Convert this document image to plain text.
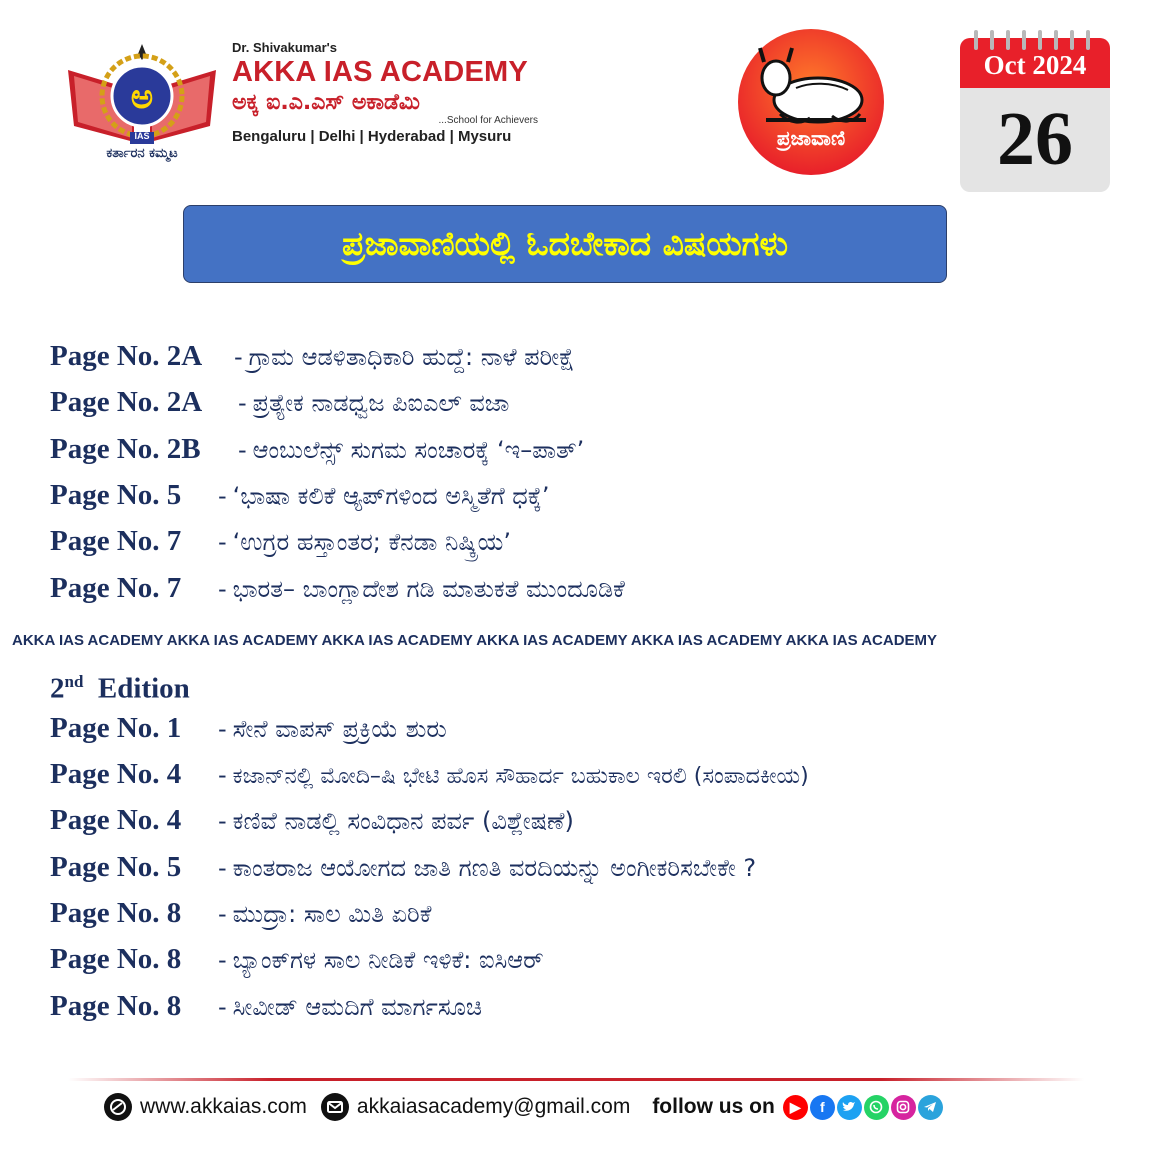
ಅ
IAS
ಕರ್ತಾರನ ಕಮ್ಮಟ
Dr. Shivakumar's
AKKA IAS ACADEMY
ಅಕ್ಕ ಐ.ಎ.ಎಸ್ ಅಕಾಡೆಮಿ
...School for Achievers
Bengaluru | Delhi | Hyderabad | Mysuru	ಪ್ರಜಾವಾಣಿ
Oct 2024
26
ಪ್ರಜಾವಾಣಿಯಲ್ಲಿ ಓದಬೇಕಾದ ವಿಷಯಗಳು
Page No. 2A	- ಗ್ರಾಮ ಆಡಳಿತಾಧಿಕಾರಿ ಹುದ್ದೆ: ನಾಳೆ ಪರೀಕ್ಷೆ
Page No. 2A	- ಪ್ರತ್ಯೇಕ ನಾಡಧ್ವಜ ಪಿಐಎಲ್ ವಜಾ
Page No. 2B	- ಆಂಬುಲೆನ್ಸ್ ಸುಗಮ ಸಂಚಾರಕ್ಕೆ ‘ಇ–ಪಾತ್’
Page No. 5	- ‘ಭಾಷಾ ಕಲಿಕೆ ಆ್ಯಪ್‌ಗಳಿಂದ ಅಸ್ಮಿತೆಗೆ ಧಕ್ಕೆ’
Page No. 7	- ‘ಉಗ್ರರ ಹಸ್ತಾಂತರ; ಕೆನಡಾ ನಿಷ್ಕ್ರಿಯ’
Page No. 7	- ಭಾರತ– ಬಾಂಗ್ಲಾದೇಶ ಗಡಿ ಮಾತುಕತೆ ಮುಂದೂಡಿಕೆ
AKKA IAS ACADEMY AKKA IAS ACADEMY AKKA IAS ACADEMY AKKA IAS ACADEMY AKKA IAS ACADEMY AKKA IAS ACADEMY
2nd Edition
Page No. 1	- ಸೇನೆ ವಾಪಸ್ ಪ್ರಕ್ರಿಯೆ ಶುರು
Page No. 4	- ಕಜಾನ್‌ನಲ್ಲಿ ಮೋದಿ–ಷಿ ಭೇಟಿ ಹೊಸ ಸೌಹಾರ್ದ ಬಹುಕಾಲ ಇರಲಿ (ಸಂಪಾದಕೀಯ)
Page No. 4	- ಕಣಿವೆ ನಾಡಲ್ಲಿ ಸಂವಿಧಾನ ಪರ್ವ (ವಿಶ್ಲೇಷಣೆ)
Page No. 5	- ಕಾಂತರಾಜ ಆಯೋಗದ ಜಾತಿ ಗಣತಿ ವರದಿಯನ್ನು ಅಂಗೀಕರಿಸಬೇಕೇ ?
Page No. 8	- ಮುದ್ರಾ: ಸಾಲ ಮಿತಿ ಏರಿಕೆ
Page No. 8	- ಬ್ಯಾಂಕ್‌ಗಳ ಸಾಲ ನೀಡಿಕೆ ಇಳಿಕೆ: ಐಸಿಆರ್
Page No. 8	- ಸೀವೀಡ್ ಆಮದಿಗೆ ಮಾರ್ಗಸೂಚಿ
www.akkaias.com akkaiasacademy@gmail.com follow us on	▶	f
